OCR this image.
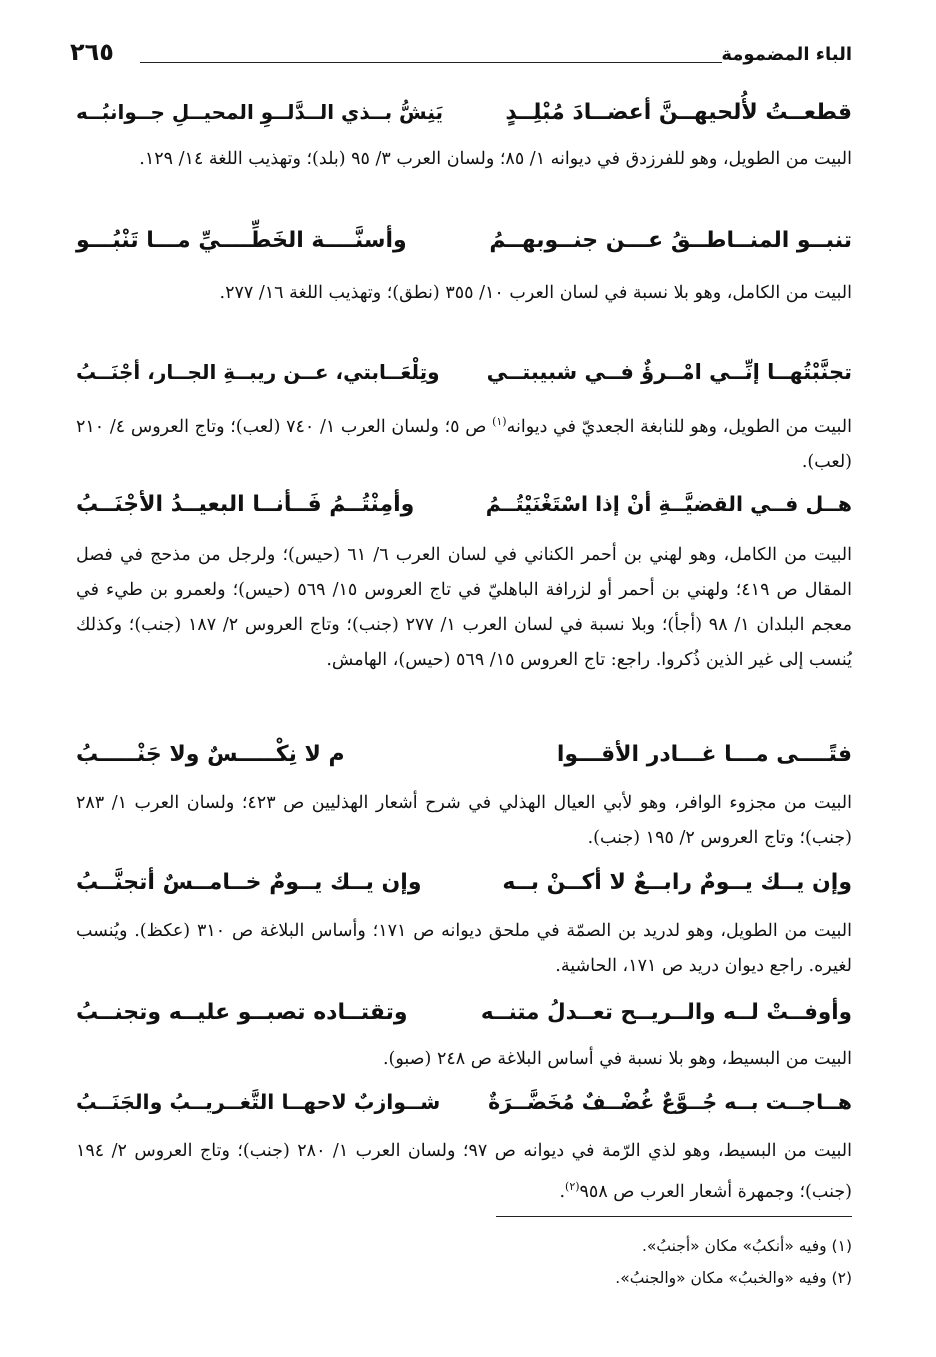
الباء المضمومة
٢٦٥
قطعــتُ لأُلحيهــنَّ أعضــادَ مُبْلِــدٍ
يَنِشُّ بــذي الــدَّلــوِ المحيــلِ جــوانبُــه
البيت من الطويل، وهو للفرزدق في ديوانه ١/ ٨٥؛ ولسان العرب ٣/ ٩٥ (بلد)؛ وتهذيب اللغة ١٤/ ١٢٩.
تنبــو المنــاطــقُ عـــن جنــوبهــمُ
وأسنَّــــة الخَطِّــــيِّ مـــا تَنْبُـــو
البيت من الكامل، وهو بلا نسبة في لسان العرب ١٠/ ٣٥٥ (نطق)؛ وتهذيب اللغة ١٦/ ٢٧٧.
تجنَّبْتُهــا إنِّــي امْــرؤٌ فــي شبيبتــي
وتِلْعَــابتي، عــن ريبــةِ الجــار، أجْنَــبُ
البيت من الطويل، وهو للنابغة الجعديّ في ديوانه$^{(١)}$ ص ٥؛ ولسان العرب ١/ ٧٤٠ (لعب)؛ وتاج العروس ٤/ ٢١٠ (لعب).
هــل فــي القضيَّــةِ أنْ إذا اسْتَغْنَيْتُــمُ
وأمِنْتُــمُ فَــأنــا البعيــدُ الأجْنَــبُ
البيت من الكامل، وهو لهني بن أحمر الكناني في لسان العرب ٦/ ٦١ (حيس)؛ ولرجل من مذحج في فصل المقال ص ٤١٩؛ ولهني بن أحمر أو لزرافة الباهليّ في تاج العروس ١٥/ ٥٦٩ (حيس)؛ ولعمرو بن طيء في معجم البلدان ١/ ٩٨ (أجأ)؛ وبلا نسبة في لسان العرب ١/ ٢٧٧ (جنب)؛ وتاج العروس ٢/ ١٨٧ (جنب)؛ وكذلك يُنسب إلى غير الذين ذُكروا. راجع: تاج العروس ١٥/ ٥٦٩ (حيس)، الهامش.
فتًــــى مـــا غـــادر الأقـــوا
م لا نِكْـــــسٌ ولا جَنْـــــبُ
البيت من مجزوء الوافر، وهو لأبي العيال الهذلي في شرح أشعار الهذليين ص ٤٢٣؛ ولسان العرب ١/ ٢٨٣ (جنب)؛ وتاج العروس ٢/ ١٩٥ (جنب).
وإن يــك يــومٌ رابــعٌ لا أكــنْ بــه
وإن يــك يــومٌ خــامــسٌ أتجنَّــبُ
البيت من الطويل، وهو لدريد بن الصمّة في ملحق ديوانه ص ١٧١؛ وأساس البلاغة ص ٣١٠ (عكظ). ويُنسب لغيره. راجع ديوان دريد ص ١٧١، الحاشية.
وأوفــتْ لــه والــريــح تعــدلُ متنــه
وتقتــاده تصبــو عليــه وتجنــبُ
البيت من البسيط، وهو بلا نسبة في أساس البلاغة ص ٢٤٨ (صبو).
هــاجــت بــه جُــوَّعٌ غُضْــفٌ مُخَضَّــرَةٌ
شــوازبٌ لاحهــا التَّغــريــبُ والجَنَــبُ
البيت من البسيط، وهو لذي الرّمة في ديوانه ص ٩٧؛ ولسان العرب ١/ ٢٨٠ (جنب)؛ وتاج العروس ٢/ ١٩٤ (جنب)؛ وجمهرة أشعار العرب ص ٩٥٨$^{(٢)}$.
(١) وفيه «أنكبُ» مكان «أجنبُ».
(٢) وفيه «والخببُ» مكان «والجنبُ».
